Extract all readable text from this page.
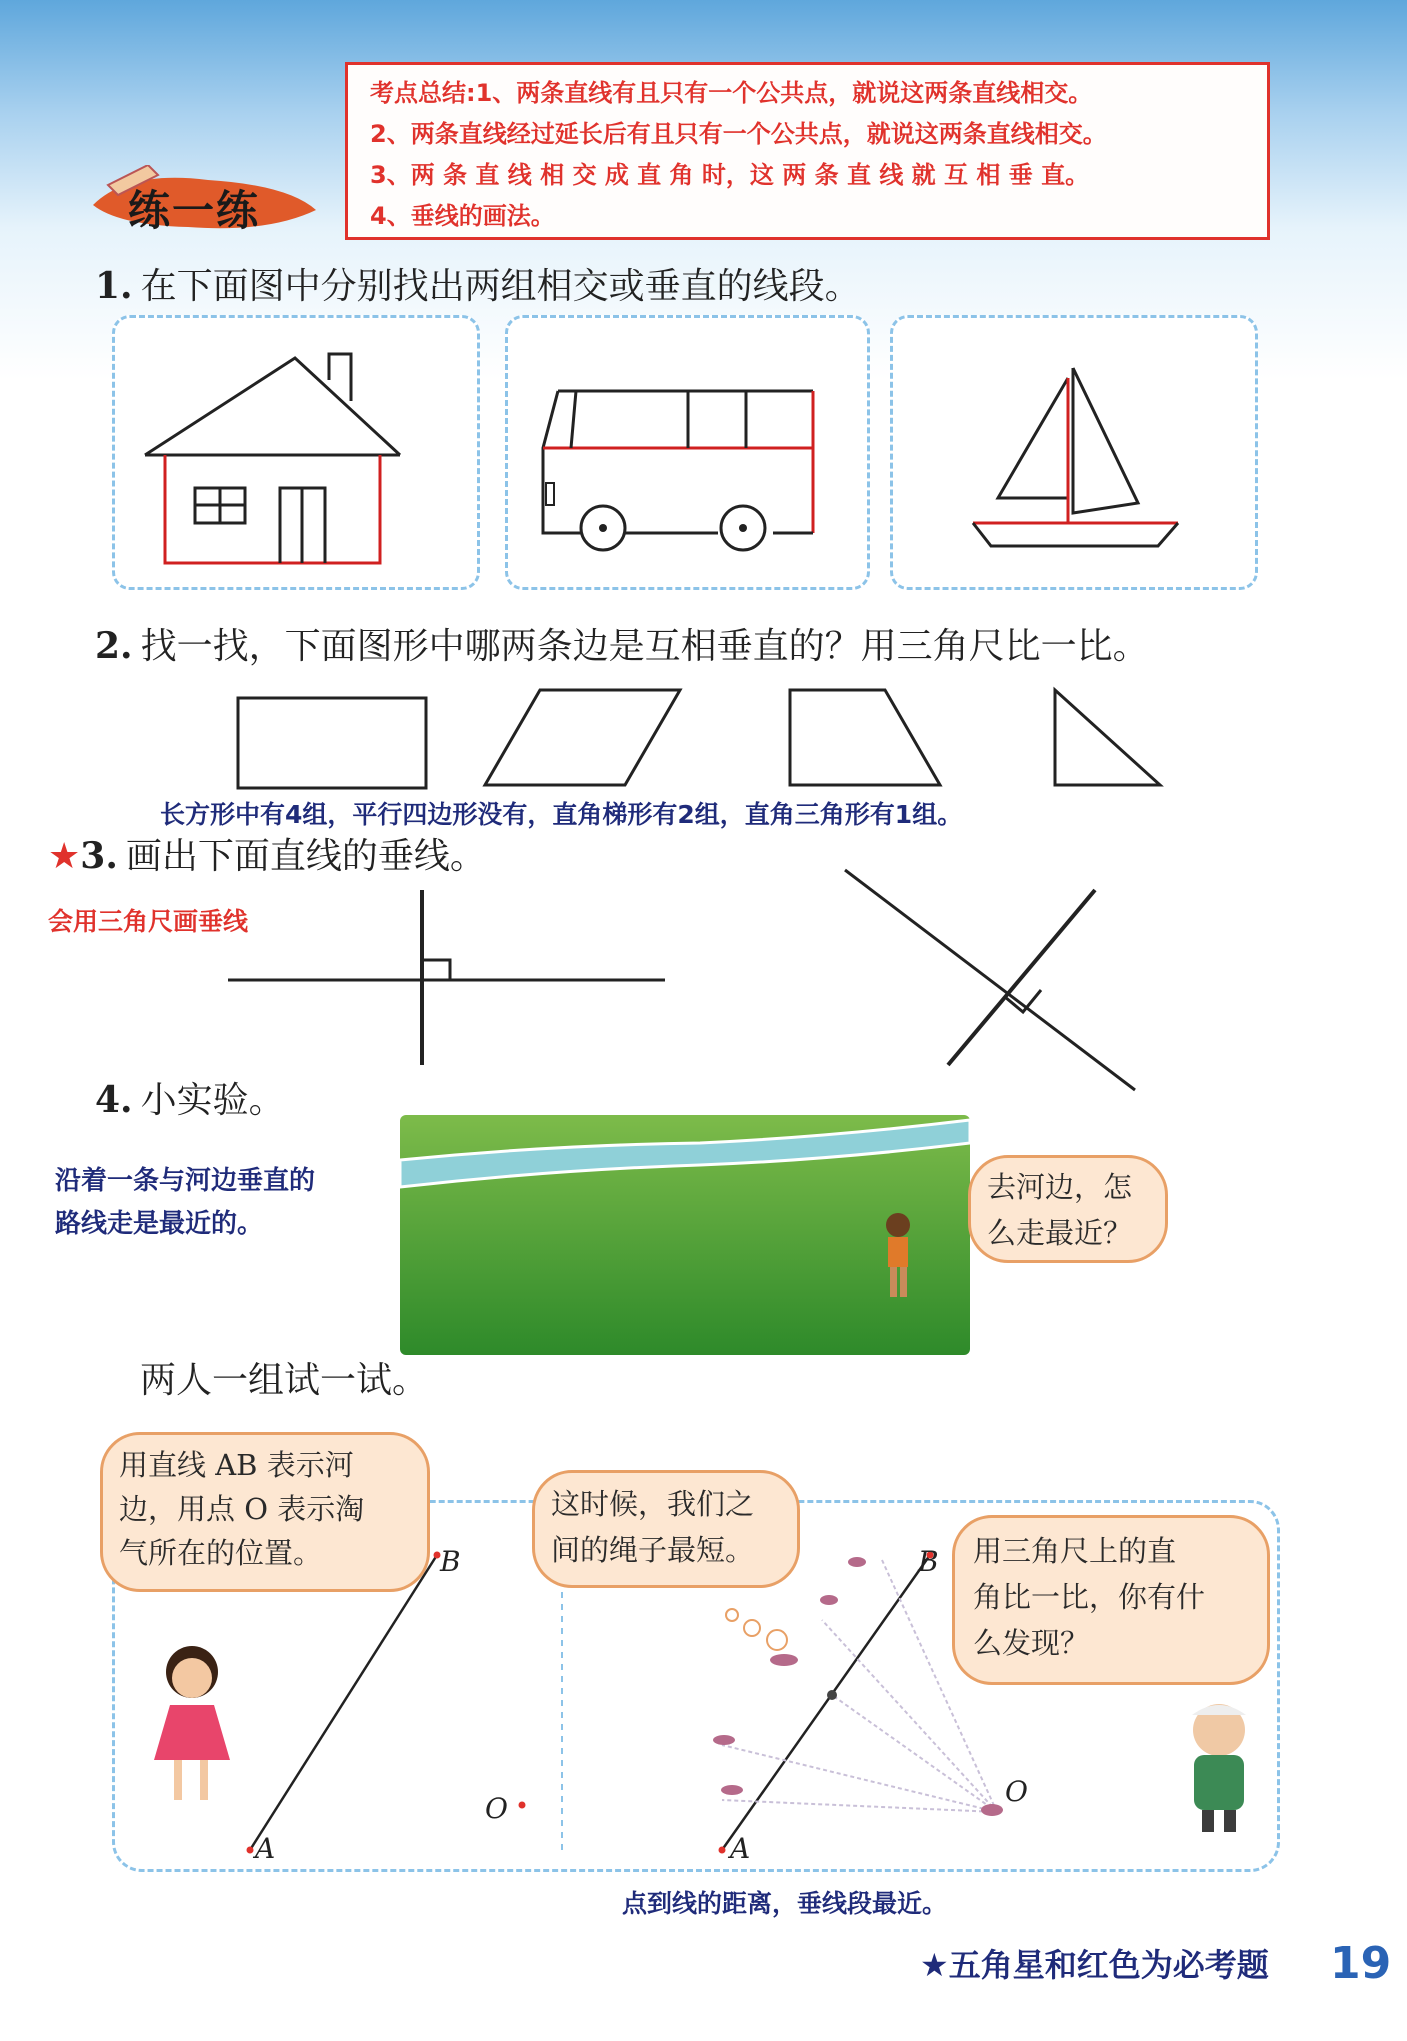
考点总结:1、两条直线有且只有一个公共点，就说这两条直线相交。
2、两条直线经过延长后有且只有一个公共点，就说这两条直线相交。
3、两 条 直 线 相 交 成 直 角 时，这 两 条 直 线 就 互 相 垂 直。
4、垂线的画法。
练一练
1. 在下面图中分别找出两组相交或垂直的线段。
2. 找一找，下面图形中哪两条边是互相垂直的？用三角尺比一比。
长方形中有4组，平行四边形没有，直角梯形有2组，直角三角形有1组。
★3. 画出下面直线的垂线。
会用三角尺画垂线
4. 小实验。
沿着一条与河边垂直的
路线走是最近的。
去河边，怎
么走最近？
两人一组试一试。
B
A
O
B
A
O
用直线 AB 表示河
边，用点 O 表示淘
气所在的位置。
这时候，我们之
间的绳子最短。	用三角尺上的直
角比一比，你有什
么发现？
点到线的距离，垂线段最近。
★五角星和红色为必考题 19
